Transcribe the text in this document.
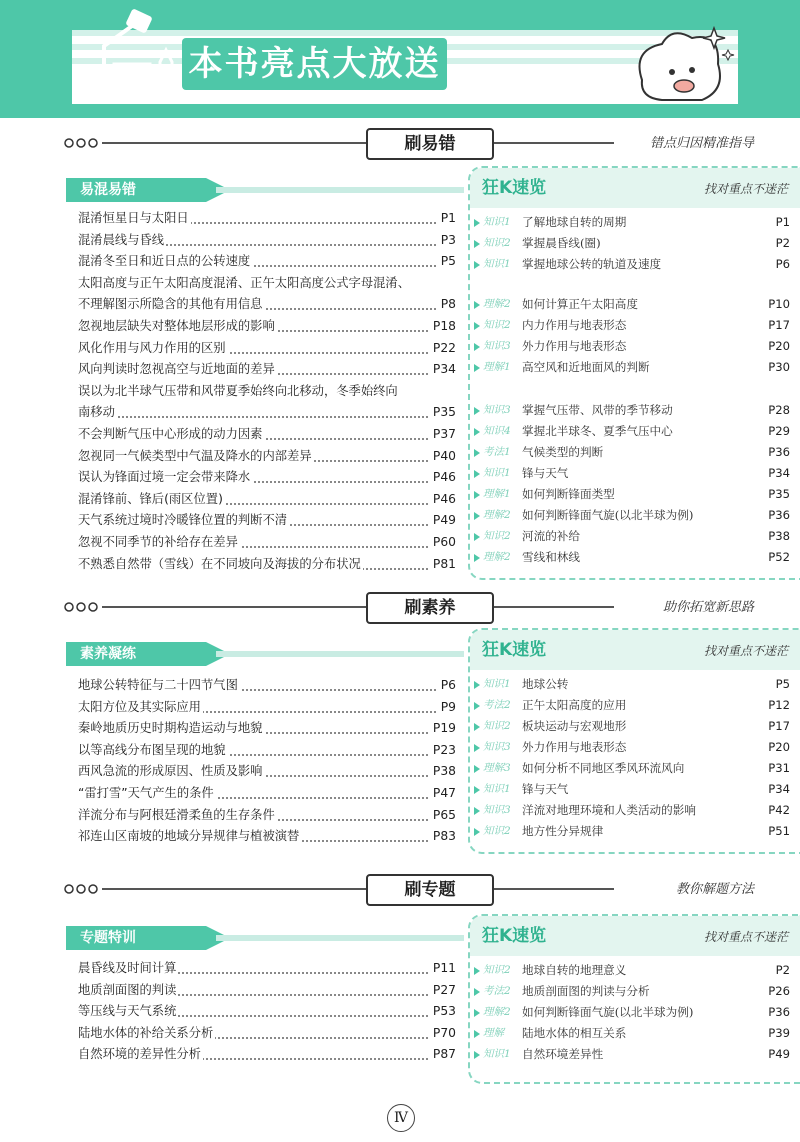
本书亮点大放送
刷易错	错点归因精准指导
易混易错
混淆恒星日与太阳日	P1
混淆晨线与昏线	P3
混淆冬至日和近日点的公转速度	P5
太阳高度与正午太阳高度混淆、正午太阳高度公式字母混淆、
不理解图示所隐含的其他有用信息	P8
忽视地层缺失对整体地层形成的影响	P18
风化作用与风力作用的区别	P22
风向判读时忽视高空与近地面的差异	P34
误以为北半球气压带和风带夏季始终向北移动，冬季始终向
南移动	P35
不会判断气压中心形成的动力因素	P37
忽视同一气候类型中气温及降水的内部差异	P40
误认为锋面过境一定会带来降水	P46
混淆锋前、锋后(雨区位置)	P46
天气系统过境时冷暖锋位置的判断不清	P49
忽视不同季节的补给存在差异	P60
不熟悉自然带（雪线）在不同坡向及海拔的分布状况	P81
狂K速览	找对重点不迷茫
知识1 了解地球自转的周期	P1
知识2 掌握晨昏线(圈)	P2
知识1 掌握地球公转的轨道及速度	P6
理解2 如何计算正午太阳高度	P10
知识2 内力作用与地表形态	P17
知识3 外力作用与地表形态	P20
理解1 高空风和近地面风的判断	P30
知识3 掌握气压带、风带的季节移动	P28
知识4 掌握北半球冬、夏季气压中心	P29
考法1 气候类型的判断	P36
知识1 锋与天气	P34
理解1 如何判断锋面类型	P35
理解2 如何判断锋面气旋(以北半球为例)	P36
知识2 河流的补给	P38
理解2 雪线和林线	P52
刷素养	助你拓宽新思路
素养凝练
地球公转特征与二十四节气图	P6
太阳方位及其实际应用	P9
秦岭地质历史时期构造运动与地貌	P19
以等高线分布图呈现的地貌	P23
西风急流的形成原因、性质及影响	P38
“雷打雪”天气产生的条件	P47
洋流分布与阿根廷滑柔鱼的生存条件	P65
祁连山区南坡的地域分异规律与植被演替	P83
狂K速览	找对重点不迷茫
知识1 地球公转	P5
考法2 正午太阳高度的应用	P12
知识2 板块运动与宏观地形	P17
知识3 外力作用与地表形态	P20
理解3 如何分析不同地区季风环流风向	P31
知识1 锋与天气	P34
知识3 洋流对地理环境和人类活动的影响	P42
知识2 地方性分异规律	P51
刷专题	教你解题方法
专题特训
晨昏线及时间计算	P11
地质剖面图的判读	P27
等压线与天气系统	P53
陆地水体的补给关系分析	P70
自然环境的差异性分析	P87
狂K速览	找对重点不迷茫
知识2 地球自转的地理意义	P2
考法2 地质剖面图的判读与分析	P26
理解2 如何判断锋面气旋(以北半球为例)	P36
理解 陆地水体的相互关系	P39
知识1 自然环境差异性	P49
Ⅳ
